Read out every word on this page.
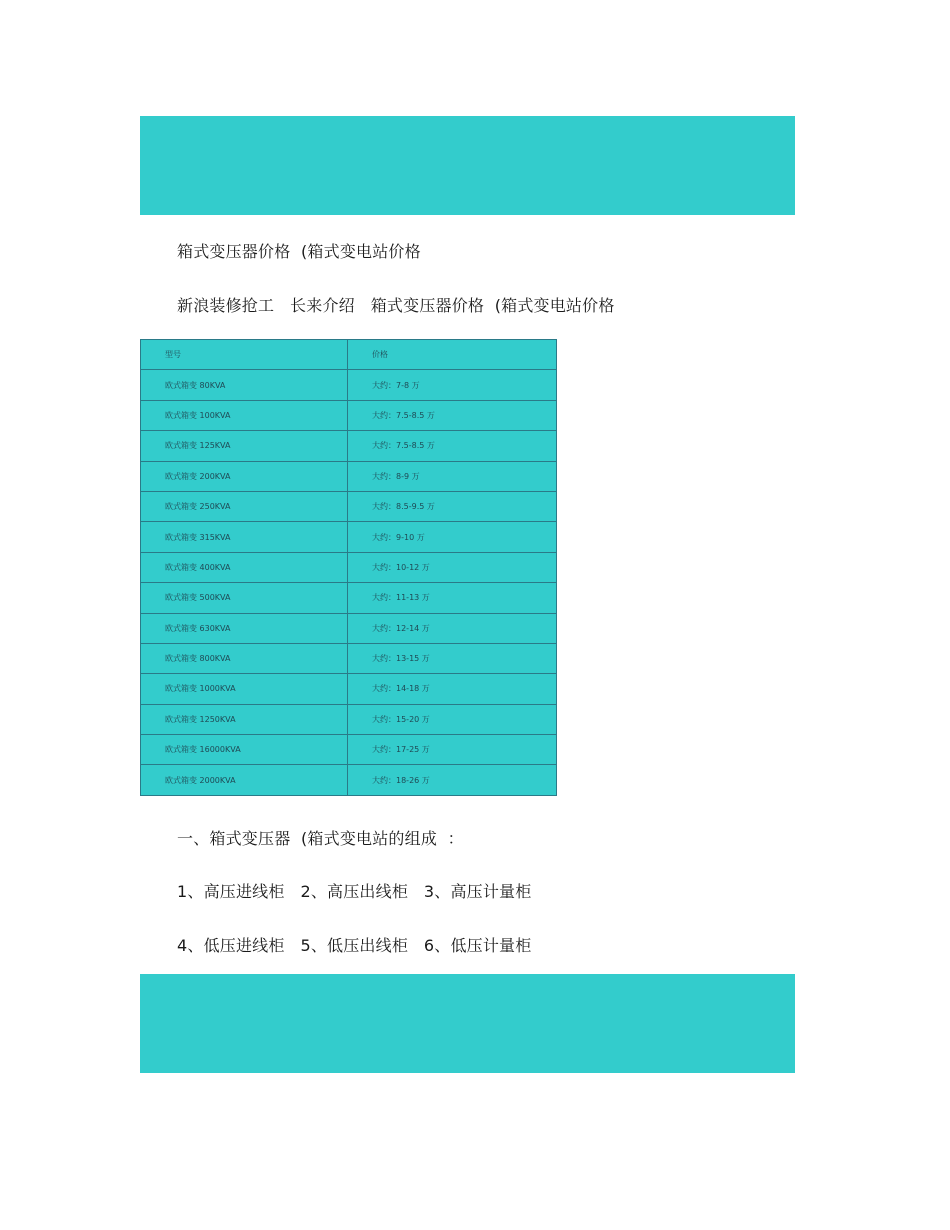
箱式变压器价格  (箱式变电站价格
新浪装修抢工   长来介绍   箱式变压器价格  (箱式变电站价格
型号	价格
欧式箱变 80KVA	大约：7-8 万
欧式箱变 100KVA	大约：7.5-8.5 万
欧式箱变 125KVA	大约：7.5-8.5 万
欧式箱变 200KVA	大约：8-9 万
欧式箱变 250KVA	大约：8.5-9.5 万
欧式箱变 315KVA	大约：9-10 万
欧式箱变 400KVA	大约：10-12 万
欧式箱变 500KVA	大约：11-13 万
欧式箱变 630KVA	大约：12-14 万
欧式箱变 800KVA	大约：13-15 万
欧式箱变 1000KVA	大约：14-18 万
欧式箱变 1250KVA	大约：15-20 万
欧式箱变 16000KVA	大约：17-25 万
欧式箱变 2000KVA	大约：18-26 万
一、箱式变压器  (箱式变电站的组成  ：
1、高压进线柜   2、高压出线柜   3、高压计量柜
4、低压进线柜   5、低压出线柜   6、低压计量柜
